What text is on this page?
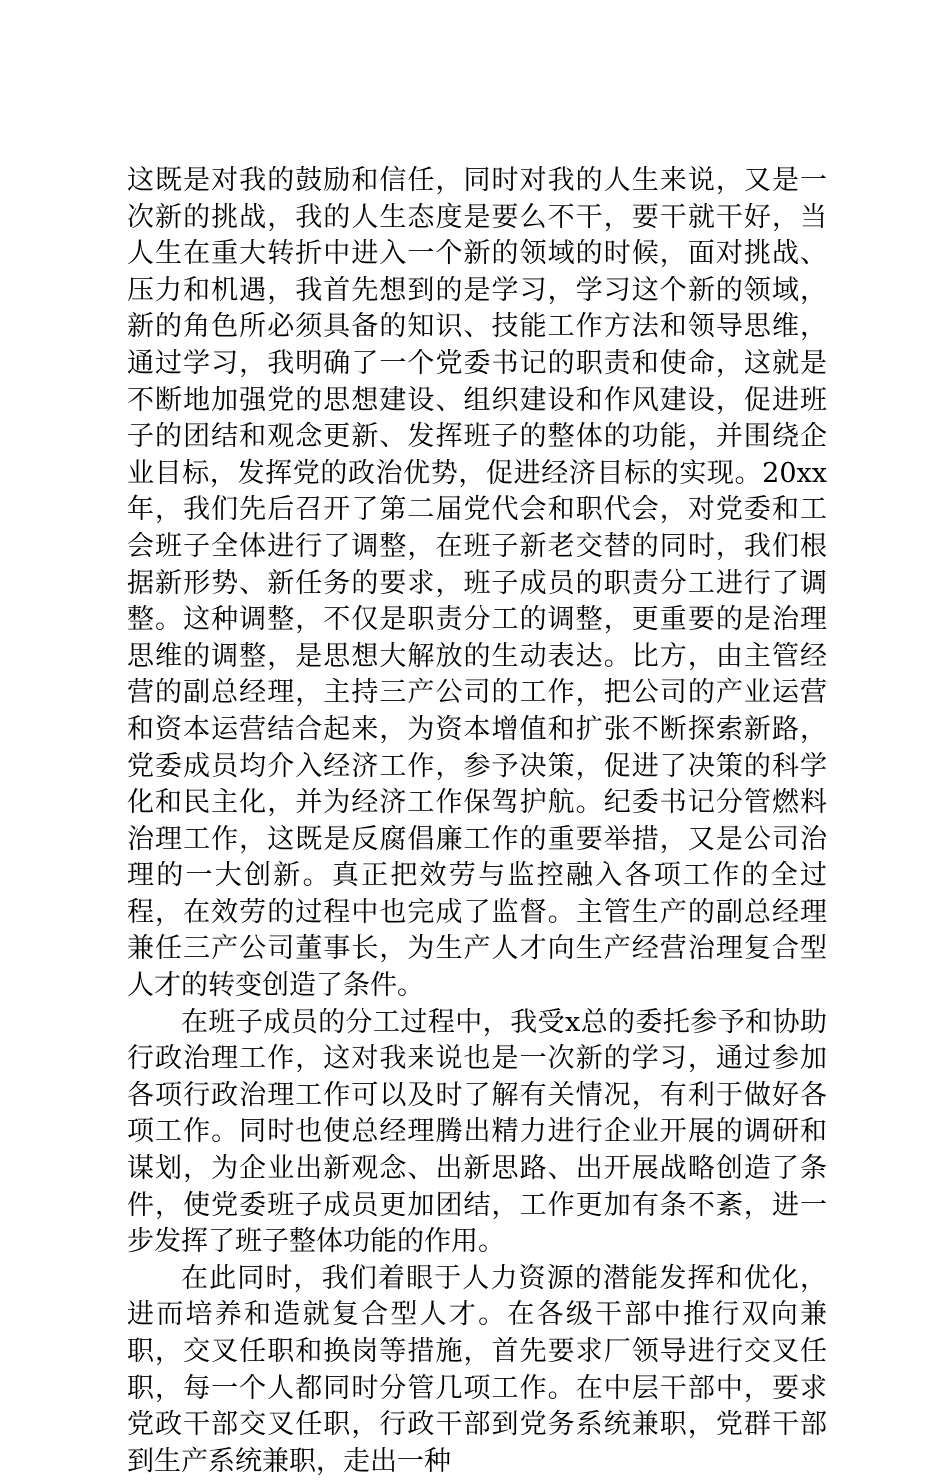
这既是对我的鼓励和信任，同时对我的人生来说，又是一次新的挑战，我的人生态度是要么不干，要干就干好，当人生在重大转折中进入一个新的领域的时候，面对挑战、压力和机遇，我首先想到的是学习，学习这个新的领域，新的角色所必须具备的知识、技能工作方法和领导思维，通过学习，我明确了一个党委书记的职责和使命，这就是不断地加强党的思想建设、组织建设和作风建设，促进班子的团结和观念更新、发挥班子的整体的功能，并围绕企业目标，发挥党的政治优势，促进经济目标的实现。20xx年，我们先后召开了第二届党代会和职代会，对党委和工会班子全体进行了调整，在班子新老交替的同时，我们根据新形势、新任务的要求，班子成员的职责分工进行了调整。这种调整，不仅是职责分工的调整，更重要的是治理思维的调整，是思想大解放的生动表达。比方，由主管经营的副总经理，主持三产公司的工作，把公司的产业运营和资本运营结合起来，为资本增值和扩张不断探索新路，党委成员均介入经济工作，参予决策，促进了决策的科学化和民主化，并为经济工作保驾护航。纪委书记分管燃料治理工作，这既是反腐倡廉工作的重要举措，又是公司治理的一大创新。真正把效劳与监控融入各项工作的全过程，在效劳的过程中也完成了监督。主管生产的副总经理兼任三产公司董事长，为生产人才向生产经营治理复合型人才的转变创造了条件。

在班子成员的分工过程中，我受x总的委托参予和协助行政治理工作，这对我来说也是一次新的学习，通过参加各项行政治理工作可以及时了解有关情况，有利于做好各项工作。同时也使总经理腾出精力进行企业开展的调研和谋划，为企业出新观念、出新思路、出开展战略创造了条件，使党委班子成员更加团结，工作更加有条不紊，进一步发挥了班子整体功能的作用。

在此同时，我们着眼于人力资源的潜能发挥和优化，进而培养和造就复合型人才。在各级干部中推行双向兼职，交叉任职和换岗等措施，首先要求厂领导进行交叉任职，每一个人都同时分管几项工作。在中层干部中，要求党政干部交叉任职，行政干部到党务系统兼职，党群干部到生产系统兼职，走出一种
